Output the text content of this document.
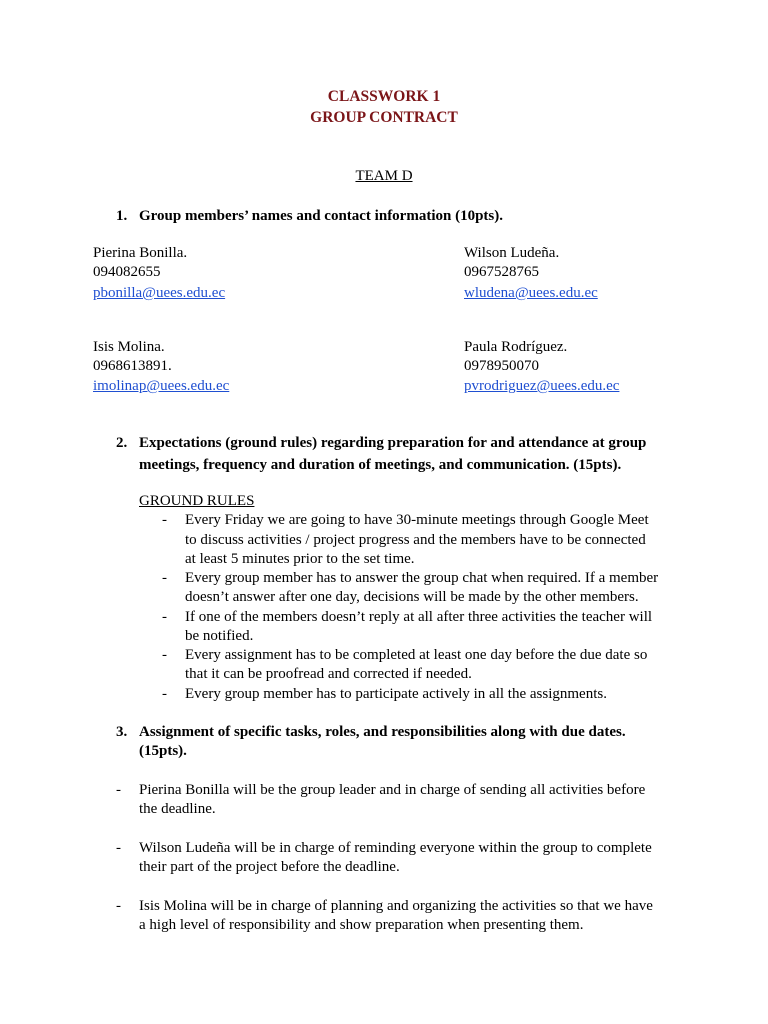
CLASSWORK 1
GROUP CONTRACT
TEAM D
1. Group members’ names and contact information (10pts).
Pierina Bonilla.
094082655
pbonilla@uees.edu.ec
Wilson Ludeña.
0967528765
wludena@uees.edu.ec
Isis Molina.
0968613891.
imolinap@uees.edu.ec
Paula Rodríguez.
0978950070
pvrodriguez@uees.edu.ec
2. Expectations (ground rules) regarding preparation for and attendance at group
meetings, frequency and duration of meetings, and communication. (15pts).
GROUND RULES
- Every Friday we are going to have 30-minute meetings through Google Meet
to discuss activities / project progress and the members have to be connected
at least 5 minutes prior to the set time.
- Every group member has to answer the group chat when required. If a member
doesn’t answer after one day, decisions will be made by the other members.
- If one of the members doesn’t reply at all after three activities the teacher will
be notified.
- Every assignment has to be completed at least one day before the due date so
that it can be proofread and corrected if needed.
- Every group member has to participate actively in all the assignments.
3. Assignment of specific tasks, roles, and responsibilities along with due dates.
(15pts).
- Pierina Bonilla will be the group leader and in charge of sending all activities before
the deadline.
- Wilson Ludeña will be in charge of reminding everyone within the group to complete
their part of the project before the deadline.
- Isis Molina will be in charge of planning and organizing the activities so that we have
a high level of responsibility and show preparation when presenting them.
